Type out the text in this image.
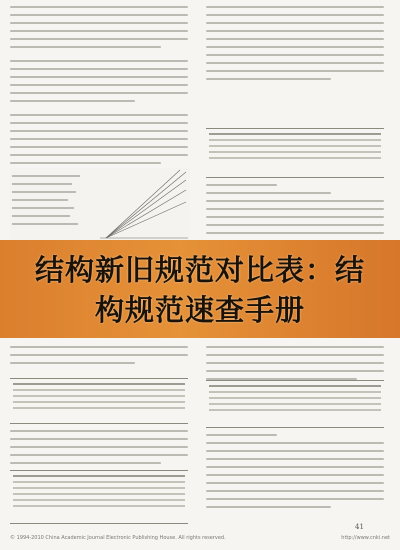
结构新旧规范对比表：结
构规范速查手册
41
© 1994-2010 China Academic Journal Electronic Publishing House. All rights reserved.	http://www.cnki.net
